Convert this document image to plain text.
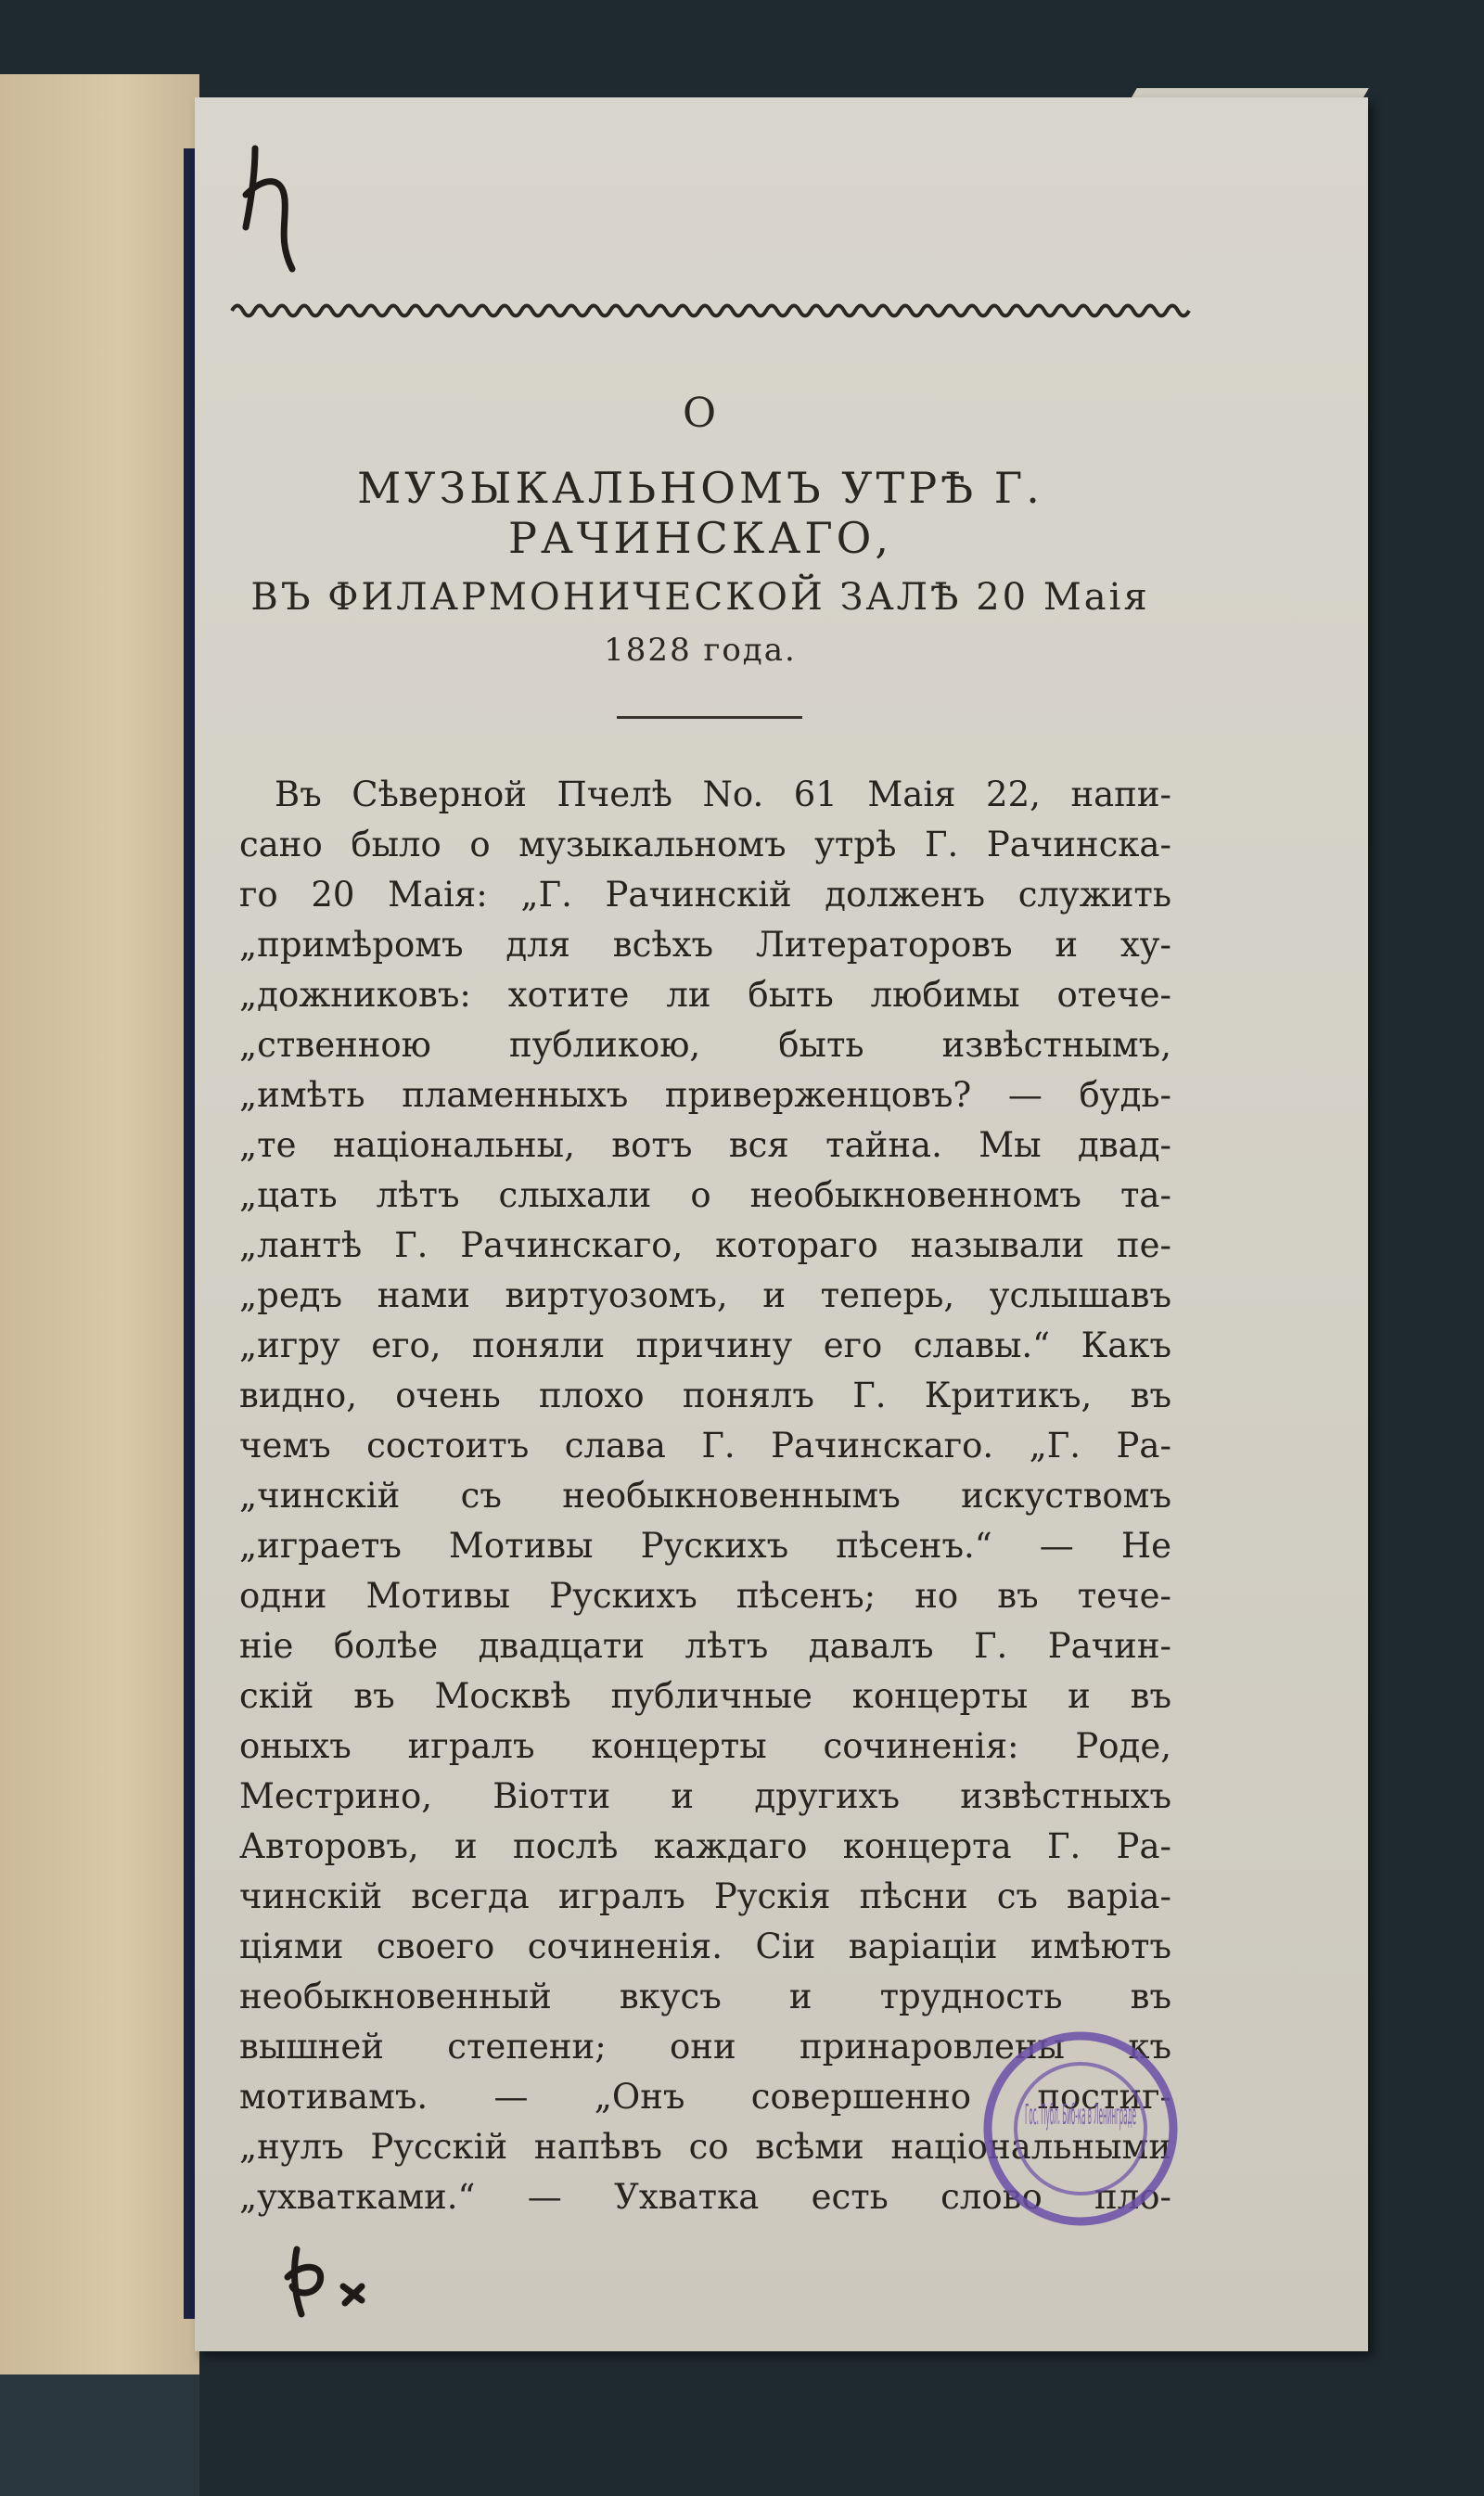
О
МУЗЫКАЛЬНОМЪ УТРѢ Г. РАЧИНСКАГО,
ВЪ ФИЛАРМОНИЧЕСКОЙ ЗАЛѢ 20 Маія
1828 года.
Въ Сѣверной Пчелѣ No. 61 Маія 22, напи-
сано было о музыкальномъ утрѣ Г. Рачинска-
го 20 Маія: „Г. Рачинскій долженъ служить
„примѣромъ для всѣхъ Литераторовъ и ху-
„дожниковъ: хотите ли быть любимы отече-
„ственною публикою, быть извѣстнымъ,
„имѣть пламенныхъ приверженцовъ? — будь-
„те національны, вотъ вся тайна. Мы двад-
„цать лѣтъ слыхали о необыкновенномъ та-
„лантѣ Г. Рачинскаго, котораго называли пе-
„редъ нами виртуозомъ, и теперь, услышавъ
„игру его, поняли причину его славы.“ Какъ
видно, очень плохо понялъ Г. Критикъ, въ
чемъ состоитъ слава Г. Рачинскаго. „Г. Ра-
„чинскій съ необыкновеннымъ искуствомъ
„играетъ Мотивы Рускихъ пѣсенъ.“ — Не
одни Мотивы Рускихъ пѣсенъ; но въ тече-
ніе болѣе двадцати лѣтъ давалъ Г. Рачин-
скій въ Москвѣ публичные концерты и въ
оныхъ игралъ концерты сочиненія: Роде,
Местрино, Віотти и другихъ извѣстныхъ
Авторовъ, и послѣ каждаго концерта Г. Ра-
чинскій всегда игралъ Рускія пѣсни съ варіа-
ціями своего сочиненія. Сіи варіаціи имѣютъ
необыкновенный вкусъ и трудность въ
вышней степени; они принаровлены къ
мотивамъ. — „Онъ совершенно постиг-
„нулъ Русскій напѣвъ со всѣми національными
„ухватками.“ — Ухватка есть слово пло-
Гос. Публ. Биб-ка в Ленинграде
